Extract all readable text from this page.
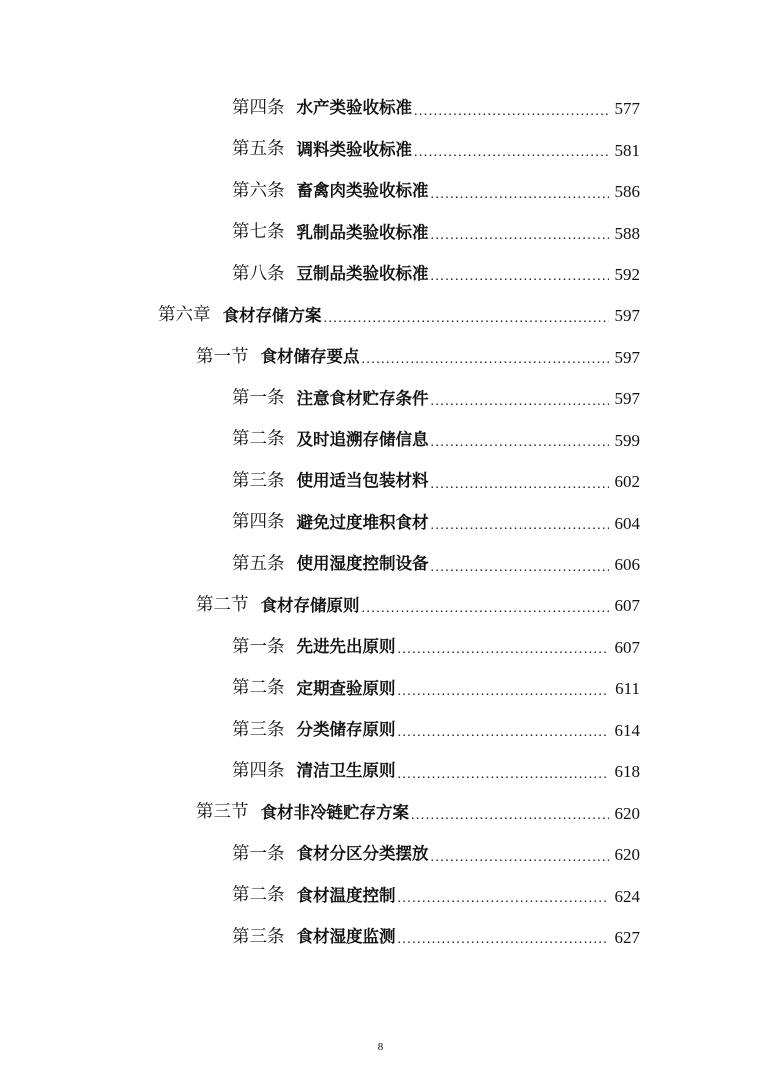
第四条 水产类验收标准 .....	577
第五条 调料类验收标准 .....	581
第六条 畜禽肉类验收标准 .....	586
第七条 乳制品类验收标准 .....	588
第八条 豆制品类验收标准 .....	592
第六章 食材存储方案 .....	597
第一节 食材储存要点 .....	597
第一条 注意食材贮存条件 .....	597
第二条 及时追溯存储信息 .....	599
第三条 使用适当包装材料 .....	602
第四条 避免过度堆积食材 .....	604
第五条 使用湿度控制设备 .....	606
第二节 食材存储原则 .....	607
第一条 先进先出原则 .....	607
第二条 定期查验原则 .....	611
第三条 分类储存原则 .....	614
第四条 清洁卫生原则 .....	618
第三节 食材非冷链贮存方案 .....	620
第一条 食材分区分类摆放 .....	620
第二条 食材温度控制 .....	624
第三条 食材湿度监测 .....	627
8
